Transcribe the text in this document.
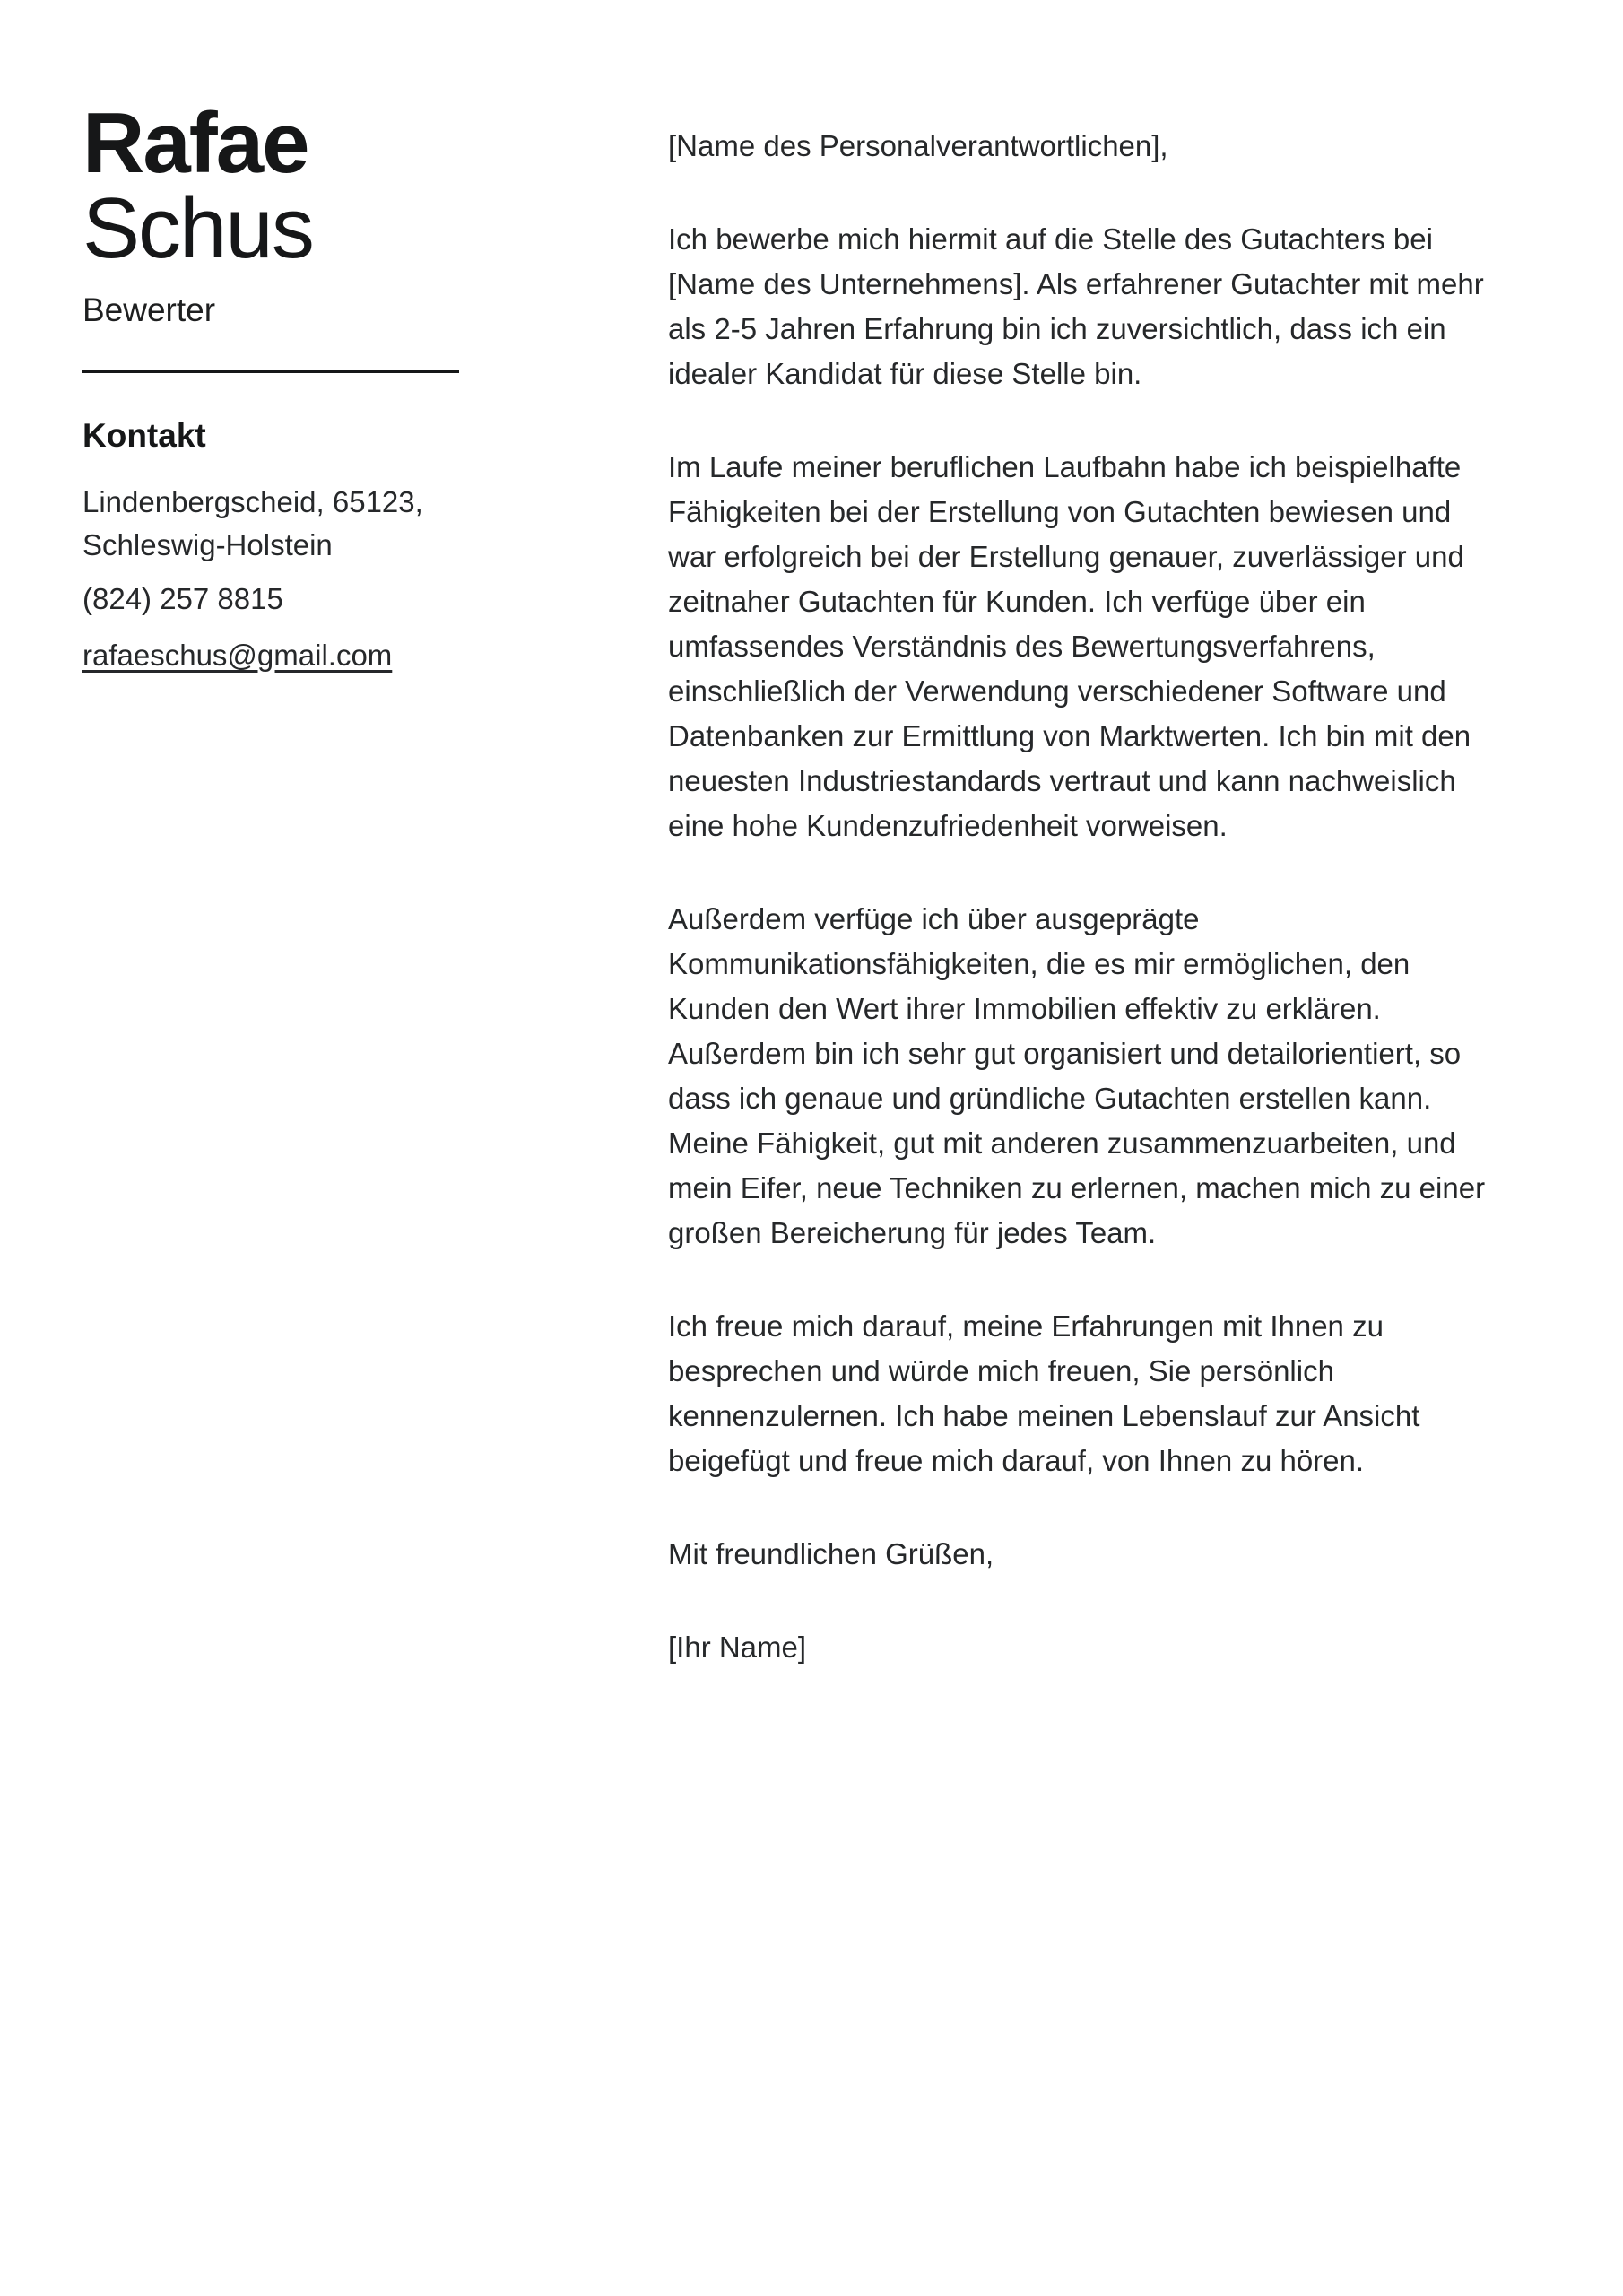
Rafae
Schus
Bewerter
Kontakt
Lindenbergscheid, 65123,
Schleswig-Holstein
(824) 257 8815
rafaeschus@gmail.com

[Name des Personalverantwortlichen],

Ich bewerbe mich hiermit auf die Stelle des Gutachters bei [Name des Unternehmens]. Als erfahrener Gutachter mit mehr als 2-5 Jahren Erfahrung bin ich zuversichtlich, dass ich ein idealer Kandidat für diese Stelle bin.

Im Laufe meiner beruflichen Laufbahn habe ich beispielhafte Fähigkeiten bei der Erstellung von Gutachten bewiesen und war erfolgreich bei der Erstellung genauer, zuverlässiger und zeitnaher Gutachten für Kunden. Ich verfüge über ein umfassendes Verständnis des Bewertungsverfahrens, einschließlich der Verwendung verschiedener Software und Datenbanken zur Ermittlung von Marktwerten. Ich bin mit den neuesten Industriestandards vertraut und kann nachweislich eine hohe Kundenzufriedenheit vorweisen.

Außerdem verfüge ich über ausgeprägte Kommunikationsfähigkeiten, die es mir ermöglichen, den Kunden den Wert ihrer Immobilien effektiv zu erklären. Außerdem bin ich sehr gut organisiert und detailorientiert, so dass ich genaue und gründliche Gutachten erstellen kann. Meine Fähigkeit, gut mit anderen zusammenzuarbeiten, und mein Eifer, neue Techniken zu erlernen, machen mich zu einer großen Bereicherung für jedes Team.

Ich freue mich darauf, meine Erfahrungen mit Ihnen zu besprechen und würde mich freuen, Sie persönlich kennenzulernen. Ich habe meinen Lebenslauf zur Ansicht beigefügt und freue mich darauf, von Ihnen zu hören.

Mit freundlichen Grüßen,

[Ihr Name]
